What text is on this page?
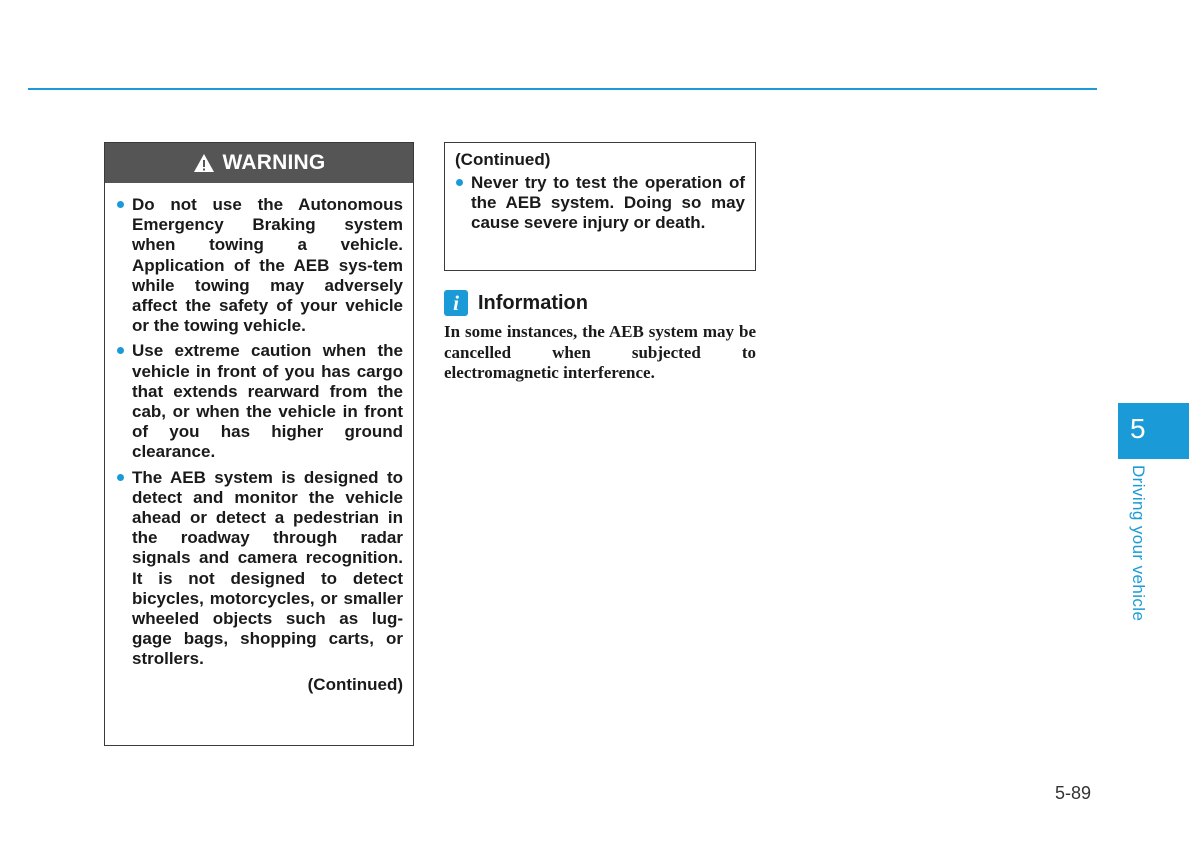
WARNING
Do not use the Autonomous Emergency Braking system when towing a vehicle. Application of the AEB sys-tem while towing may adversely affect the safety of your vehicle or the towing vehicle.
Use extreme caution when the vehicle in front of you has cargo that extends rearward from the cab, or when the vehicle in front of you has higher ground clearance.
The AEB system is designed to detect and monitor the vehicle ahead or detect a pedestrian in the roadway through radar signals and camera recognition. It is not designed to detect bicycles, motorcycles, or smaller wheeled objects such as lug-gage bags, shopping carts, or strollers.
(Continued)
(Continued)
Never try to test the operation of the AEB system. Doing so may cause severe injury or death.
i Information
In some instances, the AEB system may be cancelled when subjected to electromagnetic interference.
5
Driving your vehicle
5-89
